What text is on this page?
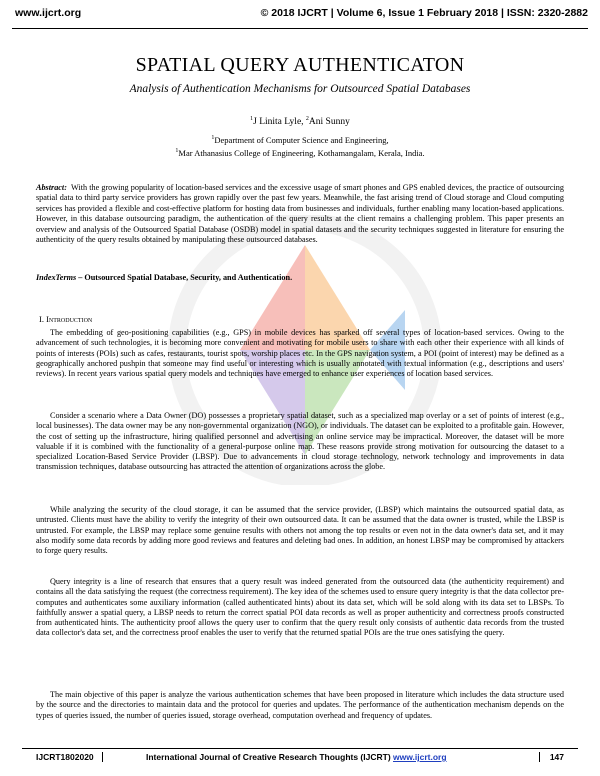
www.ijcrt.org	© 2018 IJCRT | Volume 6, Issue 1 February 2018 | ISSN: 2320-2882
SPATIAL QUERY AUTHENTICATON
Analysis of Authentication Mechanisms for Outsourced Spatial Databases
$^1$J Linita Lyle, $^2$Ani Sunny
$^1$Department of Computer Science and Engineering,
$^1$Mar Athanasius College of Engineering, Kothamangalam, Kerala, India.

Abstract: With the growing popularity of location-based services and the excessive usage of smart phones and GPS enabled devices, the practice of outsourcing spatial data to third party service providers has grown rapidly over the past few years. Meanwhile, the fast arising trend of Cloud storage and Cloud computing services has provided a flexible and cost-effective platform for hosting data from businesses and individuals, further enabling many location-based applications. However, in this database outsourcing paradigm, the authentication of the query results at the client remains a challenging problem. This paper presents an overview and analysis of the Outsourced Spatial Database (OSDB) model in spatial datasets and the security techniques suggested in literature for ensuring the authenticity of the query results obtained by manipulating these outsourced databases.

IndexTerms – Outsourced Spatial Database, Security, and Authentication.

I. Introduction

The embedding of geo-positioning capabilities (e.g., GPS) in mobile devices has sparked off several types of location-based services. Owing to the advancement of such technologies, it is becoming more convenient and motivating for mobile users to share with each other their experience with all kinds of points of interests (POIs) such as cafes, restaurants, tourist spots, worship places etc. In the GPS navigation system, a POI (point of interest) may be defined as a geographically anchored pushpin that someone may find useful or interesting which is usually annotated with textual information (e.g., descriptions and users' reviews). In recent years various spatial query models and techniques have emerged to enhance user experiences of location based services.

Consider a scenario where a Data Owner (DO) possesses a proprietary spatial dataset, such as a specialized map overlay or a set of points of interest (e.g., local businesses). The data owner may be any non-governmental organization (NGO), or individuals. The dataset can be exploited to a profitable gain. However, the cost of setting up the infrastructure, hiring qualified personnel and advertising an online service may be impractical. Moreover, the dataset will be more valuable if it is combined with the functionality of a general-purpose online map. These reasons provide strong motivation for outsourcing the dataset to a specialized Location-Based Service Provider (LBSP). Due to advancements in cloud storage technology, network technology and improvements in data transmission techniques, database outsourcing has attracted the attention of organizations across the globe.

While analyzing the security of the cloud storage, it can be assumed that the service provider, (LBSP) which maintains the outsourced spatial data, as untrusted. Clients must have the ability to verify the integrity of their own outsourced data. It can be assumed that the data owner is trusted, while the LBSP is untrusted. For example, the LBSP may replace some genuine results with others not among the top results or even not in the data owner's data set, and it may also modify some data records by adding more good reviews and features and deleting bad ones. In addition, an honest LBSP may be compromised by attackers to forge query results.

Query integrity is a line of research that ensures that a query result was indeed generated from the outsourced data (the authenticity requirement) and contains all the data satisfying the request (the correctness requirement). The key idea of the schemes used to ensure query integrity is that the data collector pre-computes and authenticates some auxiliary information (called authenticated hints) about its data set, which will be sold along with its data set to LBSPs. To faithfully answer a spatial query, a LBSP needs to return the correct spatial POI data records as well as proper authenticity and correctness proofs constructed from authenticated hints. The authenticity proof allows the query user to confirm that the query result only consists of authentic data records from the trusted data collector's data set, and the correctness proof enables the user to verify that the returned spatial POIs are the true ones satisfying the query.

The main objective of this paper is analyze the various authentication schemes that have been proposed in literature which includes the data structure used by the source and the directories to maintain data and the protocol for queries and updates. The performance of the authentication mechanism depends on the types of queries issued, the number of queries issued, storage overhead, computation overhead and frequency of updates.

IJCRT1802020	International Journal of Creative Research Thoughts (IJCRT) www.ijcrt.org	147
